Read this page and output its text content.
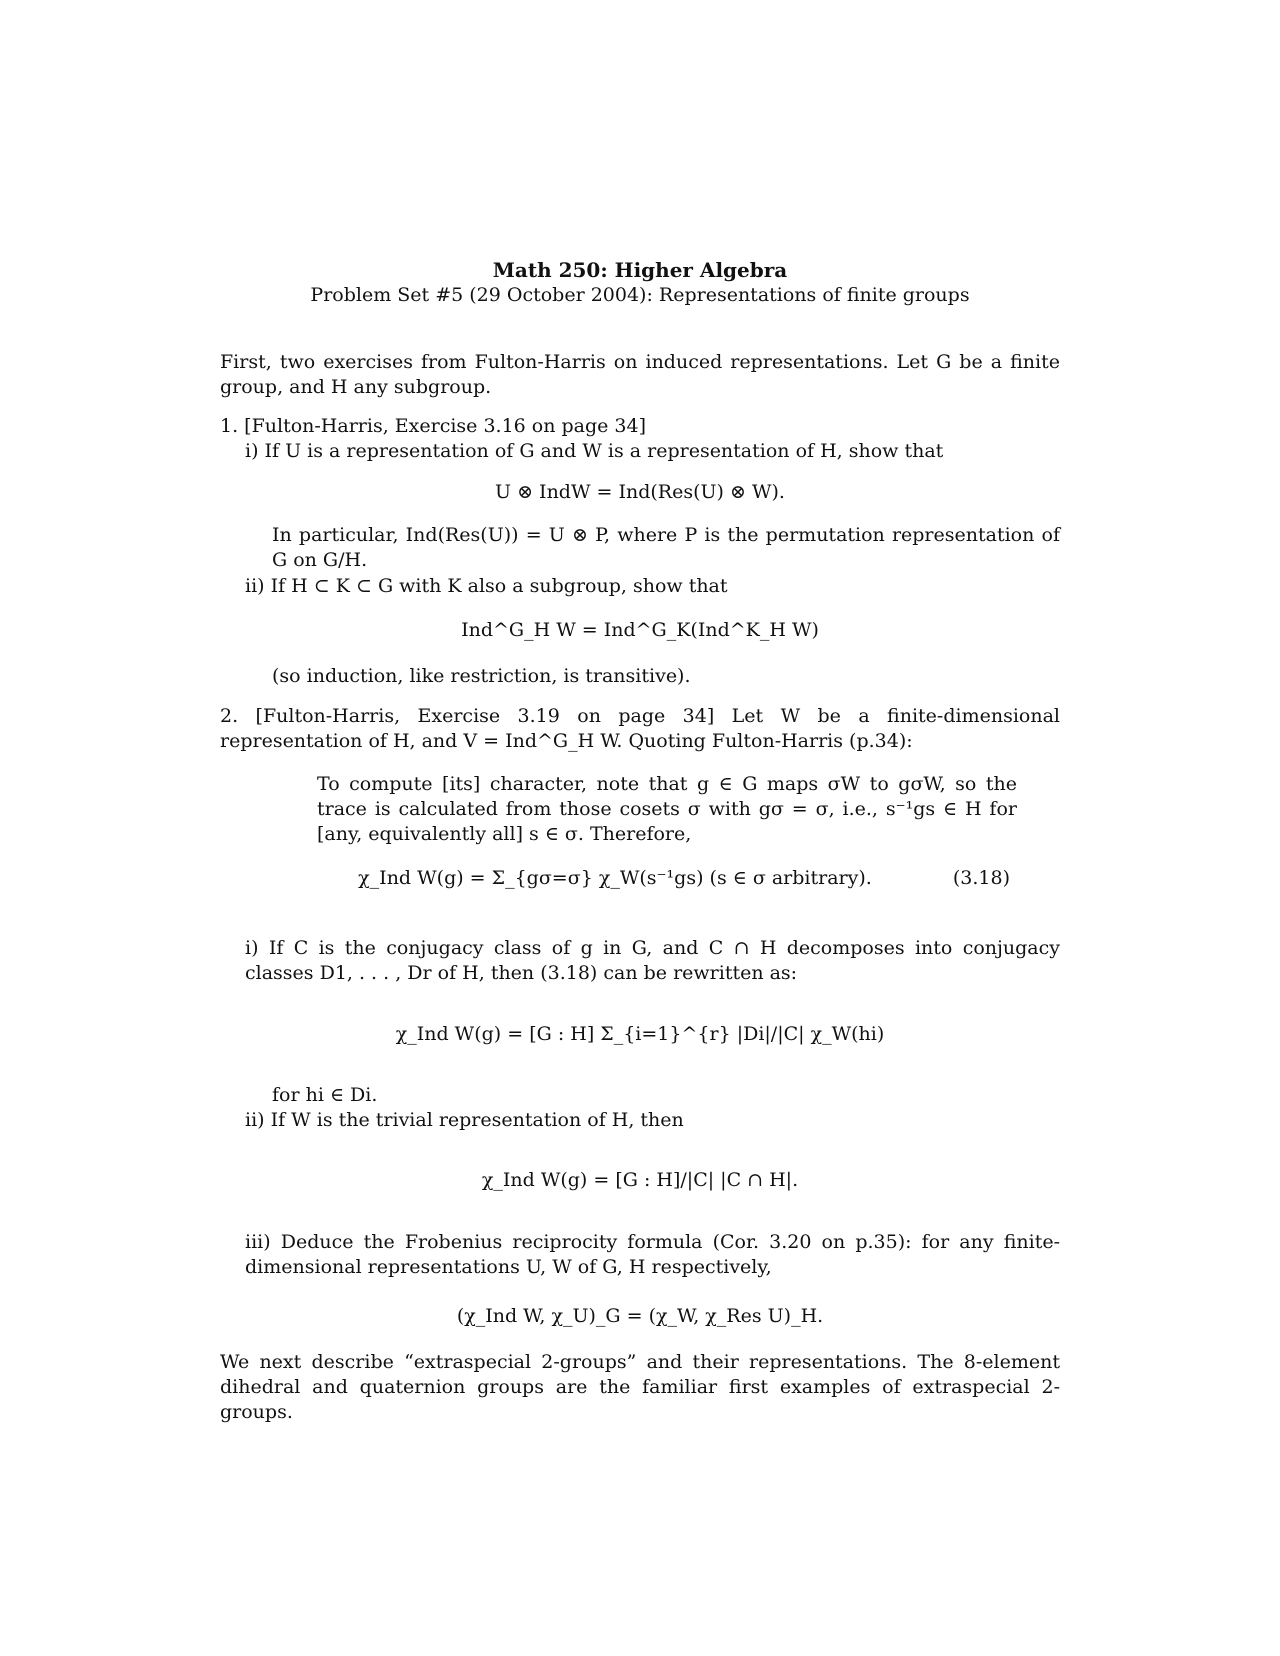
Math 250: Higher Algebra
Problem Set #5 (29 October 2004): Representations of finite groups
First, two exercises from Fulton-Harris on induced representations. Let G be a finite group, and H any subgroup.
1. [Fulton-Harris, Exercise 3.16 on page 34]
i) If U is a representation of G and W is a representation of H, show that
U ⊗ IndW = Ind(Res(U) ⊗ W).
In particular, Ind(Res(U)) = U ⊗ P, where P is the permutation representation of G on G/H.
ii) If H ⊂ K ⊂ G with K also a subgroup, show that
Ind^G_H W = Ind^G_K(Ind^K_H W)
(so induction, like restriction, is transitive).
2. [Fulton-Harris, Exercise 3.19 on page 34] Let W be a finite-dimensional representation of H, and V = Ind^G_H W. Quoting Fulton-Harris (p.34):
To compute [its] character, note that g ∈ G maps σW to gσW, so the trace is calculated from those cosets σ with gσ = σ, i.e., s⁻¹gs ∈ H for [any, equivalently all] s ∈ σ. Therefore,
χ_Ind W(g) = Σ_{gσ=σ} χ_W(s⁻¹gs) (s ∈ σ arbitrary).	(3.18)
i) If C is the conjugacy class of g in G, and C ∩ H decomposes into conjugacy classes D1, . . . , Dr of H, then (3.18) can be rewritten as:
χ_Ind W(g) = [G : H] Σ_{i=1}^{r} |Di|/|C| χ_W(hi)
for hi ∈ Di.
ii) If W is the trivial representation of H, then
χ_Ind W(g) = [G : H]/|C| |C ∩ H|.
iii) Deduce the Frobenius reciprocity formula (Cor. 3.20 on p.35): for any finite-dimensional representations U, W of G, H respectively,
(χ_Ind W, χ_U)_G = (χ_W, χ_Res U)_H.
We next describe “extraspecial 2-groups” and their representations. The 8-element dihedral and quaternion groups are the familiar first examples of extraspecial 2-groups.
